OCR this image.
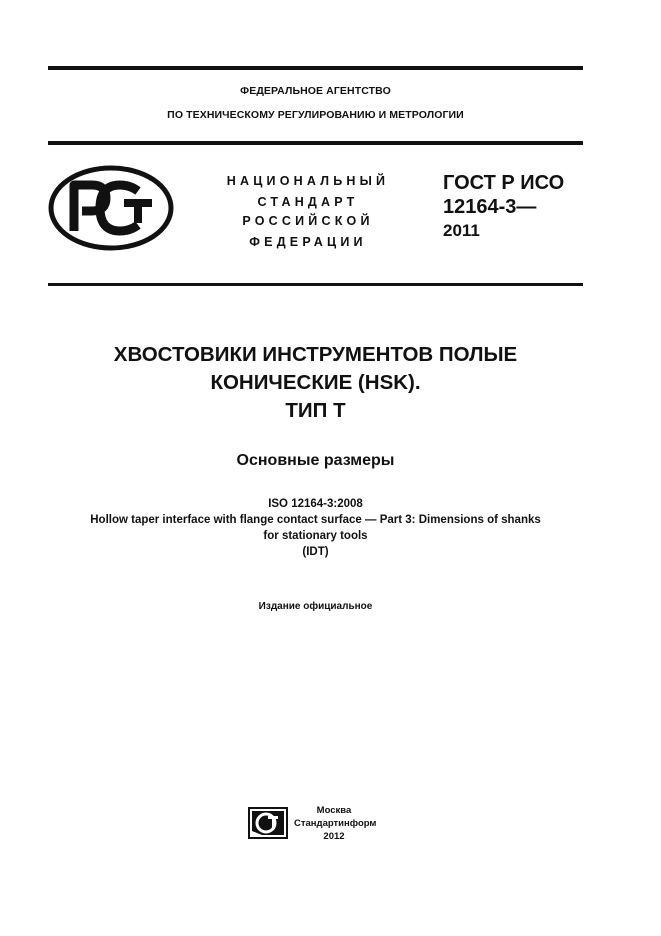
ФЕДЕРАЛЬНОЕ АГЕНТСТВО
ПО ТЕХНИЧЕСКОМУ РЕГУЛИРОВАНИЮ И МЕТРОЛОГИИ
НАЦИОНАЛЬНЫЙ
СТАНДАРТ
РОССИЙСКОЙ
ФЕДЕРАЦИИ
ГОСТ Р ИСО
12164-3—
2011
ХВОСТОВИКИ ИНСТРУМЕНТОВ ПОЛЫЕ
КОНИЧЕСКИЕ (HSK).
ТИП Т
Основные размеры
ISO 12164-3:2008
Hollow taper interface with flange contact surface — Part 3: Dimensions of shanks
for stationary tools
(IDT)
Издание официальное
Москва
Стандартинформ
2012
